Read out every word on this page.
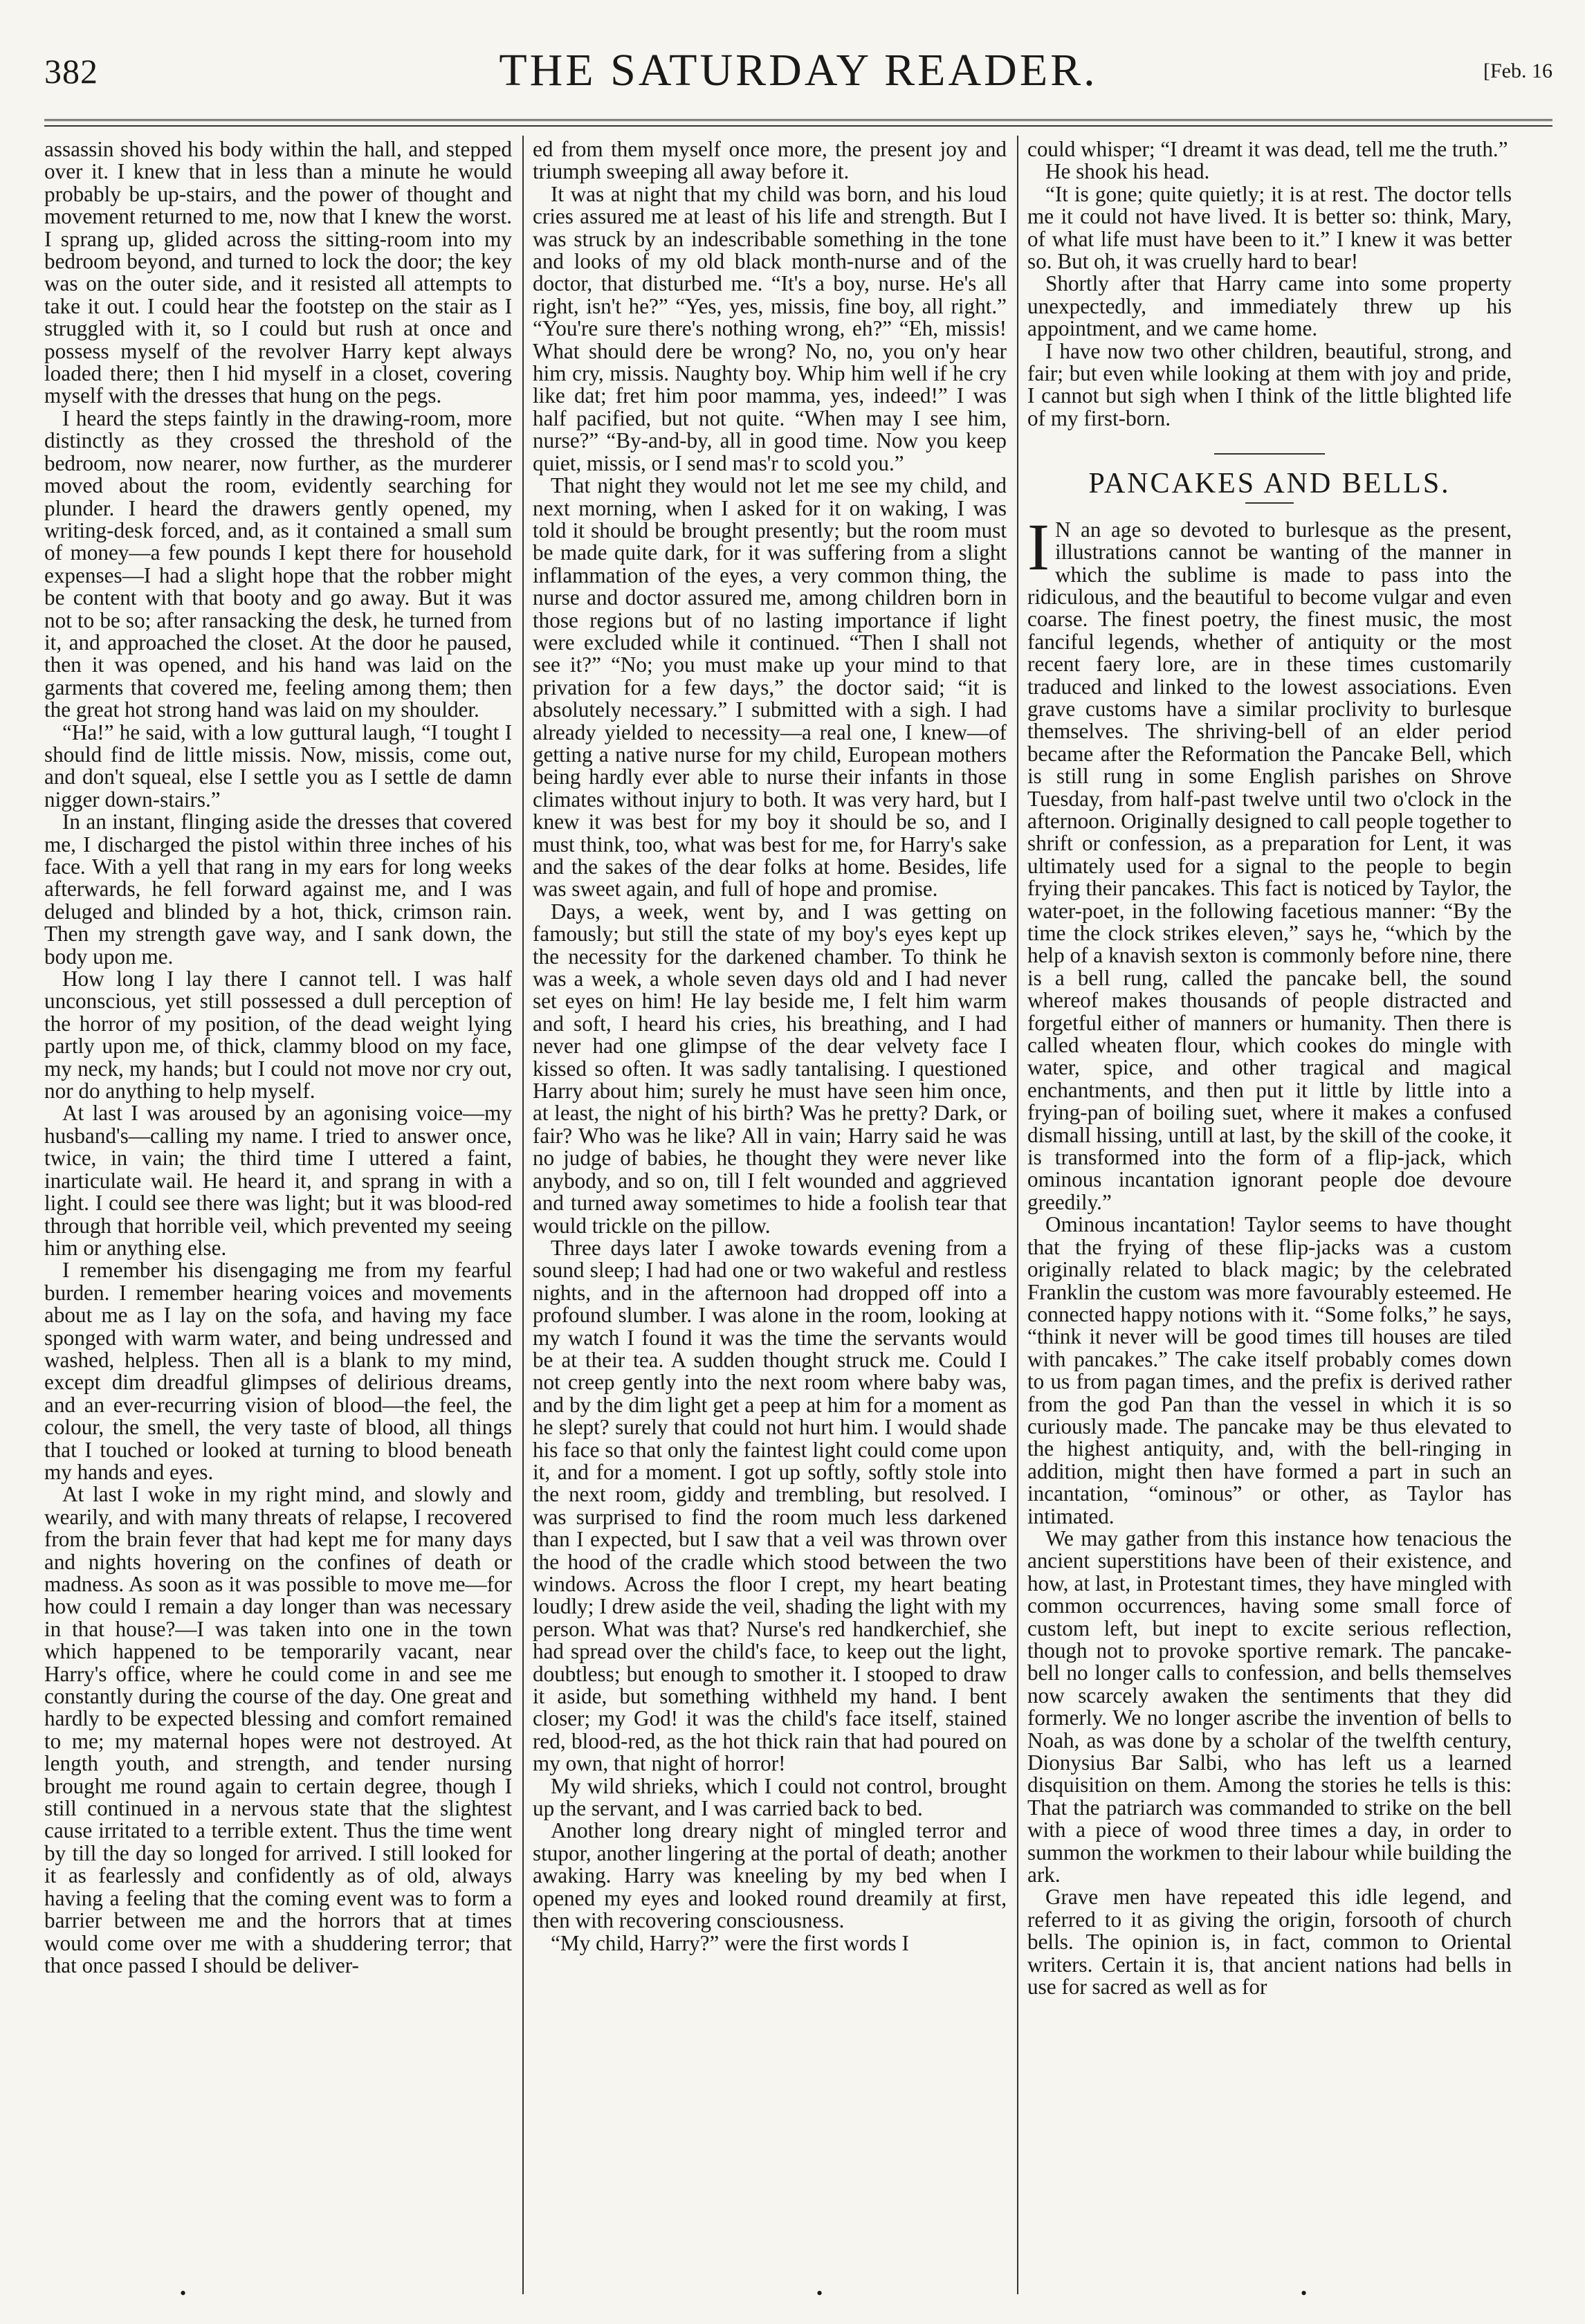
382	THE SATURDAY READER.	[Feb. 16

assassin shoved his body within the hall, and stepped over it. I knew that in less than a minute he would probably be up-stairs, and the power of thought and movement returned to me, now that I knew the worst. I sprang up, glided across the sitting-room into my bedroom beyond, and turned to lock the door; the key was on the outer side, and it resisted all attempts to take it out. I could hear the footstep on the stair as I struggled with it, so I could but rush at once and possess myself of the revolver Harry kept always loaded there; then I hid myself in a closet, covering myself with the dresses that hung on the pegs.

I heard the steps faintly in the drawing-room, more distinctly as they crossed the threshold of the bedroom, now nearer, now further, as the murderer moved about the room, evidently searching for plunder. I heard the drawers gently opened, my writing-desk forced, and, as it contained a small sum of money—a few pounds I kept there for household expenses—I had a slight hope that the robber might be content with that booty and go away. But it was not to be so; after ransacking the desk, he turned from it, and approached the closet. At the door he paused, then it was opened, and his hand was laid on the garments that covered me, feeling among them; then the great hot strong hand was laid on my shoulder.

“Ha!” he said, with a low guttural laugh, “I tought I should find de little missis. Now, missis, come out, and don't squeal, else I settle you as I settle de damn nigger down-stairs.”

In an instant, flinging aside the dresses that covered me, I discharged the pistol within three inches of his face. With a yell that rang in my ears for long weeks afterwards, he fell forward against me, and I was deluged and blinded by a hot, thick, crimson rain. Then my strength gave way, and I sank down, the body upon me.

How long I lay there I cannot tell. I was half unconscious, yet still possessed a dull perception of the horror of my position, of the dead weight lying partly upon me, of thick, clammy blood on my face, my neck, my hands; but I could not move nor cry out, nor do anything to help myself.

At last I was aroused by an agonising voice—my husband's—calling my name. I tried to answer once, twice, in vain; the third time I uttered a faint, inarticulate wail. He heard it, and sprang in with a light. I could see there was light; but it was blood-red through that horrible veil, which prevented my seeing him or anything else.

I remember his disengaging me from my fearful burden. I remember hearing voices and movements about me as I lay on the sofa, and having my face sponged with warm water, and being undressed and washed, helpless. Then all is a blank to my mind, except dim dreadful glimpses of delirious dreams, and an ever-recurring vision of blood—the feel, the colour, the smell, the very taste of blood, all things that I touched or looked at turning to blood beneath my hands and eyes.

At last I woke in my right mind, and slowly and wearily, and with many threats of relapse, I recovered from the brain fever that had kept me for many days and nights hovering on the confines of death or madness. As soon as it was possible to move me—for how could I remain a day longer than was necessary in that house?—I was taken into one in the town which happened to be temporarily vacant, near Harry's office, where he could come in and see me constantly during the course of the day. One great and hardly to be expected blessing and comfort remained to me; my maternal hopes were not destroyed. At length youth, and strength, and tender nursing brought me round again to certain degree, though I still continued in a nervous state that the slightest cause irritated to a terrible extent. Thus the time went by till the day so longed for arrived. I still looked for it as fearlessly and confidently as of old, always having a feeling that the coming event was to form a barrier between me and the horrors that at times would come over me with a shuddering terror; that that once passed I should be deliver-

ed from them myself once more, the present joy and triumph sweeping all away before it.

It was at night that my child was born, and his loud cries assured me at least of his life and strength. But I was struck by an indescribable something in the tone and looks of my old black month-nurse and of the doctor, that disturbed me. “It's a boy, nurse. He's all right, isn't he?” “Yes, yes, missis, fine boy, all right.” “You're sure there's nothing wrong, eh?” “Eh, missis! What should dere be wrong? No, no, you on'y hear him cry, missis. Naughty boy. Whip him well if he cry like dat; fret him poor mamma, yes, indeed!” I was half pacified, but not quite. “When may I see him, nurse?” “By-and-by, all in good time. Now you keep quiet, missis, or I send mas'r to scold you.”

That night they would not let me see my child, and next morning, when I asked for it on waking, I was told it should be brought presently; but the room must be made quite dark, for it was suffering from a slight inflammation of the eyes, a very common thing, the nurse and doctor assured me, among children born in those regions but of no lasting importance if light were excluded while it continued. “Then I shall not see it?” “No; you must make up your mind to that privation for a few days,” the doctor said; “it is absolutely necessary.” I submitted with a sigh. I had already yielded to necessity—a real one, I knew—of getting a native nurse for my child, European mothers being hardly ever able to nurse their infants in those climates without injury to both. It was very hard, but I knew it was best for my boy it should be so, and I must think, too, what was best for me, for Harry's sake and the sakes of the dear folks at home. Besides, life was sweet again, and full of hope and promise.

Days, a week, went by, and I was getting on famously; but still the state of my boy's eyes kept up the necessity for the darkened chamber. To think he was a week, a whole seven days old and I had never set eyes on him! He lay beside me, I felt him warm and soft, I heard his cries, his breathing, and I had never had one glimpse of the dear velvety face I kissed so often. It was sadly tantalising. I questioned Harry about him; surely he must have seen him once, at least, the night of his birth? Was he pretty? Dark, or fair? Who was he like? All in vain; Harry said he was no judge of babies, he thought they were never like anybody, and so on, till I felt wounded and aggrieved and turned away sometimes to hide a foolish tear that would trickle on the pillow.

Three days later I awoke towards evening from a sound sleep; I had had one or two wakeful and restless nights, and in the afternoon had dropped off into a profound slumber. I was alone in the room, looking at my watch I found it was the time the servants would be at their tea. A sudden thought struck me. Could I not creep gently into the next room where baby was, and by the dim light get a peep at him for a moment as he slept? surely that could not hurt him. I would shade his face so that only the faintest light could come upon it, and for a moment. I got up softly, softly stole into the next room, giddy and trembling, but resolved. I was surprised to find the room much less darkened than I expected, but I saw that a veil was thrown over the hood of the cradle which stood between the two windows. Across the floor I crept, my heart beating loudly; I drew aside the veil, shading the light with my person. What was that? Nurse's red handkerchief, she had spread over the child's face, to keep out the light, doubtless; but enough to smother it. I stooped to draw it aside, but something withheld my hand. I bent closer; my God! it was the child's face itself, stained red, blood-red, as the hot thick rain that had poured on my own, that night of horror!

My wild shrieks, which I could not control, brought up the servant, and I was carried back to bed.

Another long dreary night of mingled terror and stupor, another lingering at the portal of death; another awaking. Harry was kneeling by my bed when I opened my eyes and looked round dreamily at first, then with recovering consciousness.

“My child, Harry?” were the first words I

could whisper; “I dreamt it was dead, tell me the truth.”

He shook his head.

“It is gone; quite quietly; it is at rest. The doctor tells me it could not have lived. It is better so: think, Mary, of what life must have been to it.” I knew it was better so. But oh, it was cruelly hard to bear!

Shortly after that Harry came into some property unexpectedly, and immediately threw up his appointment, and we came home.

I have now two other children, beautiful, strong, and fair; but even while looking at them with joy and pride, I cannot but sigh when I think of the little blighted life of my first-born.

PANCAKES AND BELLS.

I N an age so devoted to burlesque as the present, illustrations cannot be wanting of the manner in which the sublime is made to pass into the ridiculous, and the beautiful to become vulgar and even coarse. The finest poetry, the finest music, the most fanciful legends, whether of antiquity or the most recent faery lore, are in these times customarily traduced and linked to the lowest associations. Even grave customs have a similar proclivity to burlesque themselves. The shriving-bell of an elder period became after the Reformation the Pancake Bell, which is still rung in some English parishes on Shrove Tuesday, from half-past twelve until two o'clock in the afternoon. Originally designed to call people together to shrift or confession, as a preparation for Lent, it was ultimately used for a signal to the people to begin frying their pancakes. This fact is noticed by Taylor, the water-poet, in the following facetious manner: “By the time the clock strikes eleven,” says he, “which by the help of a knavish sexton is commonly before nine, there is a bell rung, called the pancake bell, the sound whereof makes thousands of people distracted and forgetful either of manners or humanity. Then there is called wheaten flour, which cookes do mingle with water, spice, and other tragical and magical enchantments, and then put it little by little into a frying-pan of boiling suet, where it makes a confused dismall hissing, untill at last, by the skill of the cooke, it is transformed into the form of a flip-jack, which ominous incantation ignorant people doe devoure greedily.”

Ominous incantation! Taylor seems to have thought that the frying of these flip-jacks was a custom originally related to black magic; by the celebrated Franklin the custom was more favourably esteemed. He connected happy notions with it. “Some folks,” he says, “think it never will be good times till houses are tiled with pancakes.” The cake itself probably comes down to us from pagan times, and the prefix is derived rather from the god Pan than the vessel in which it is so curiously made. The pancake may be thus elevated to the highest antiquity, and, with the bell-ringing in addition, might then have formed a part in such an incantation, “ominous” or other, as Taylor has intimated.

We may gather from this instance how tenacious the ancient superstitions have been of their existence, and how, at last, in Protestant times, they have mingled with common occurrences, having some small force of custom left, but inept to excite serious reflection, though not to provoke sportive remark. The pancake-bell no longer calls to confession, and bells themselves now scarcely awaken the sentiments that they did formerly. We no longer ascribe the invention of bells to Noah, as was done by a scholar of the twelfth century, Dionysius Bar Salbi, who has left us a learned disquisition on them. Among the stories he tells is this: That the patriarch was commanded to strike on the bell with a piece of wood three times a day, in order to summon the workmen to their labour while building the ark.

Grave men have repeated this idle legend, and referred to it as giving the origin, forsooth of church bells. The opinion is, in fact, common to Oriental writers. Certain it is, that ancient nations had bells in use for sacred as well as for

•	•	•
